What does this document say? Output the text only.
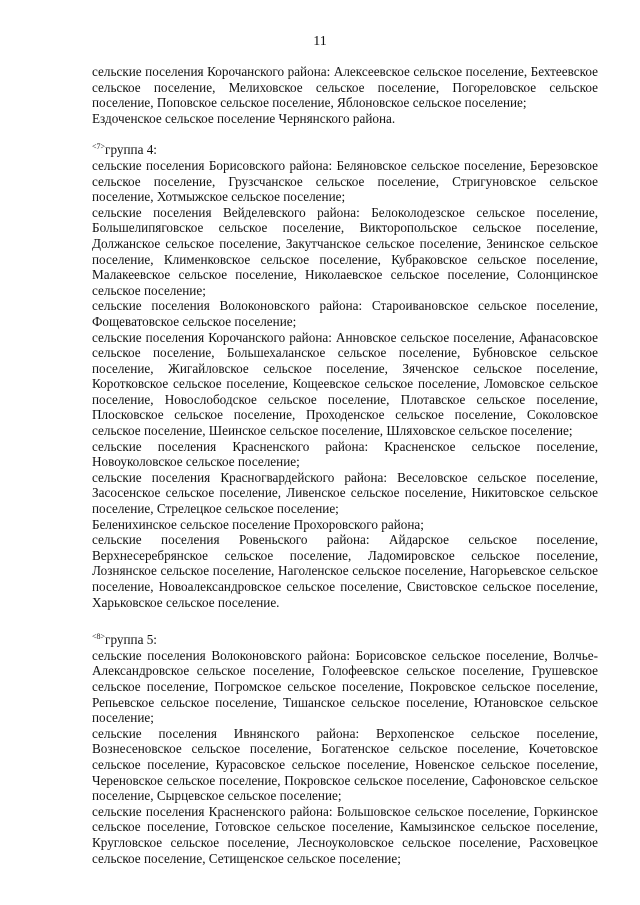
11

сельские поселения Корочанского района: Алексеевское сельское поселение, Бехтеевское сельское поселение, Мелиховское сельское поселение, Погореловское сельское поселение, Поповское сельское поселение, Яблоновское сельское поселение;

Ездоченское сельское поселение Чернянского района.

$^{<7>}$группа 4:

сельские поселения Борисовского района: Беляновское сельское поселение, Березовское сельское поселение, Грузсчанское сельское поселение, Стригуновское сельское поселение, Хотмыжское сельское поселение;

сельские поселения Вейделевского района: Белоколодезское сельское поселение, Большелипяговское сельское поселение, Викторопольское сельское поселение, Должанское сельское поселение, Закутчанское сельское поселение, Зенинское сельское поселение, Клименковское сельское поселение, Кубраковское сельское поселение, Малакеевское сельское поселение, Николаевское сельское поселение, Солонцинское сельское поселение;

сельские поселения Волоконовского района: Староивановское сельское поселение, Фощеватовское сельское поселение;

сельские поселения Корочанского района: Анновское сельское поселение, Афанасовское сельское поселение, Большехаланское сельское поселение, Бубновское сельское поселение, Жигайловское сельское поселение, Зяченское сельское поселение, Коротковское сельское поселение, Кощеевское сельское поселение, Ломовское сельское поселение, Новослободское сельское поселение, Плотавское сельское поселение, Плосковское сельское поселение, Проходенское сельское поселение, Соколовское сельское поселение, Шеинское сельское поселение, Шляховское сельское поселение;

сельские поселения Красненского района: Красненское сельское поселение, Новоуколовское сельское поселение;

сельские поселения Красногвардейского района: Веселовское сельское поселение, Засосенское сельское поселение, Ливенское сельское поселение, Никитовское сельское поселение, Стрелецкое сельское поселение;

Беленихинское сельское поселение Прохоровского района;

сельские поселения Ровеньского района: Айдарское сельское поселение, Верхнесеребрянское сельское поселение, Ладомировское сельское поселение, Лознянское сельское поселение, Наголенское сельское поселение, Нагорьевское сельское поселение, Новоалександровское сельское поселение, Свистовское сельское поселение, Харьковское сельское поселение.

$^{<8>}$группа 5:

сельские поселения Волоконовского района: Борисовское сельское поселение, Волчье-Александровское сельское поселение, Голофеевское сельское поселение, Грушевское сельское поселение, Погромское сельское поселение, Покровское сельское поселение, Репьевское сельское поселение, Тишанское сельское поселение, Ютановское сельское поселение;

сельские поселения Ивнянского района: Верхопенское сельское поселение, Вознесеновское сельское поселение, Богатенское сельское поселение, Кочетовское сельское поселение, Курасовское сельское поселение, Новенское сельское поселение, Череновское сельское поселение, Покровское сельское поселение, Сафоновское сельское поселение, Сырцевское сельское поселение;

сельские поселения Красненского района: Большовское сельское поселение, Горкинское сельское поселение, Готовское сельское поселение, Камызинское сельское поселение, Кругловское сельское поселение, Лесноуколовское сельское поселение, Расховецкое сельское поселение, Сетищенское сельское поселение;
